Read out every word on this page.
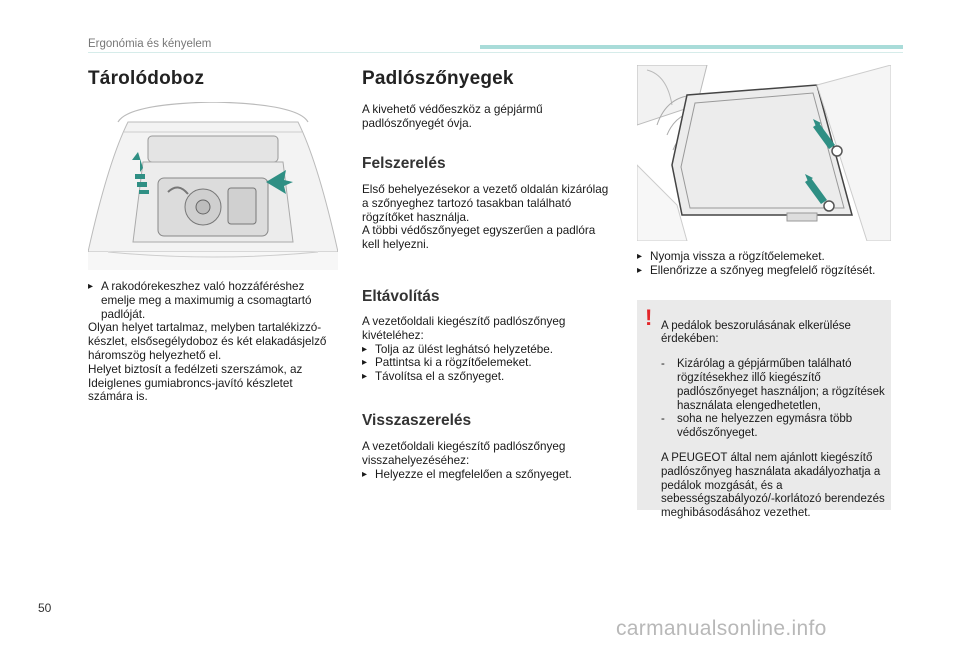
Ergonómia és kényelem
Tárolódoboz
▸ A rakodórekeszhez való hozzáféréshez emelje meg a maximumig a csomagtartó padlóját.

Olyan helyet tartalmaz, melyben tartalékizzó-készlet, elsősegélydoboz és két elakadásjelző háromszög helyezhető el.

Helyet biztosít a fedélzeti szerszámok, az Ideiglenes gumiabroncs-javító készletet számára is.

Padlószőnyegek
A kivehető védőeszköz a gépjármű padlószőnyegét óvja.
Felszerelés

Első behelyezésekor a vezető oldalán kizárólag a szőnyeghez tartozó tasakban található rögzítőket használja.

A többi védőszőnyeget egyszerűen a padlóra kell helyezni.

Eltávolítás

A vezetőoldali kiegészítő padlószőnyeg kivételéhez:

▸ Tolja az ülést leghátsó helyzetébe.
▸ Pattintsa ki a rögzítőelemeket.
▸ Távolítsa el a szőnyeget.
Visszaszerelés

A vezetőoldali kiegészítő padlószőnyeg visszahelyezéséhez:

▸ Helyezze el megfelelően a szőnyeget.
▸ Nyomja vissza a rögzítőelemeket.
▸ Ellenőrizze a szőnyeg megfelelő rögzítését.
! A pedálok beszorulásának elkerülése érdekében:

-	Kizárólag a gépjárműben található rögzítésekhez illő kiegészítő padlószőnyeget használjon; a rögzítések használata elengedhetetlen,
-	soha ne helyezzen egymásra több védőszőnyeget.

A PEUGEOT által nem ajánlott kiegészítő padlószőnyeg használata akadályozhatja a pedálok mozgását, és a sebességszabályozó/-korlátozó berendezés meghibásodásához vezethet.

50
carmanualsonline.info
